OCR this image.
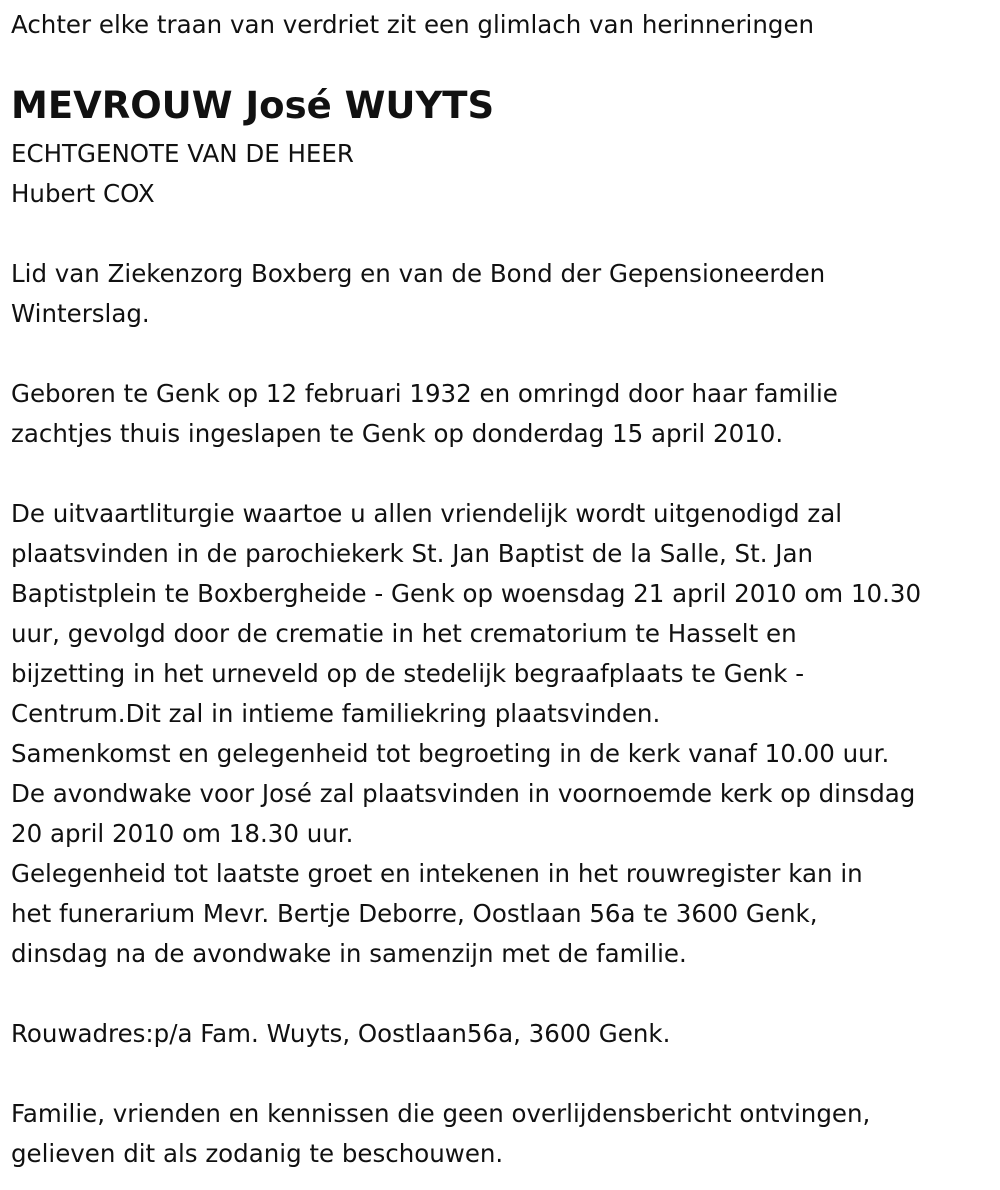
Achter elke traan van verdriet zit een glimlach van herinneringen

MEVROUW José WUYTS

ECHTGENOTE VAN DE HEER

Hubert COX

Lid van Ziekenzorg Boxberg en van de Bond der Gepensioneerden

Winterslag.

Geboren te Genk op 12 februari 1932 en omringd door haar familie

zachtjes thuis ingeslapen te Genk op donderdag 15 april 2010.

De uitvaartliturgie waartoe u allen vriendelijk wordt uitgenodigd zal

plaatsvinden in de parochiekerk St. Jan Baptist de la Salle, St. Jan

Baptistplein te Boxbergheide - Genk op woensdag 21 april 2010 om 10.30

uur, gevolgd door de crematie in het crematorium te Hasselt en

bijzetting in het urneveld op de stedelijk begraafplaats te Genk -

Centrum.Dit zal in intieme familiekring plaatsvinden.

Samenkomst en gelegenheid tot begroeting in de kerk vanaf 10.00 uur.

De avondwake voor José zal plaatsvinden in voornoemde kerk op dinsdag

20 april 2010 om 18.30 uur.

Gelegenheid tot laatste groet en intekenen in het rouwregister kan in

het funerarium Mevr. Bertje Deborre, Oostlaan 56a te 3600 Genk,

dinsdag na de avondwake in samenzijn met de familie.

Rouwadres:p/a Fam. Wuyts, Oostlaan56a, 3600 Genk.

Familie, vrienden en kennissen die geen overlijdensbericht ontvingen,

gelieven dit als zodanig te beschouwen.
